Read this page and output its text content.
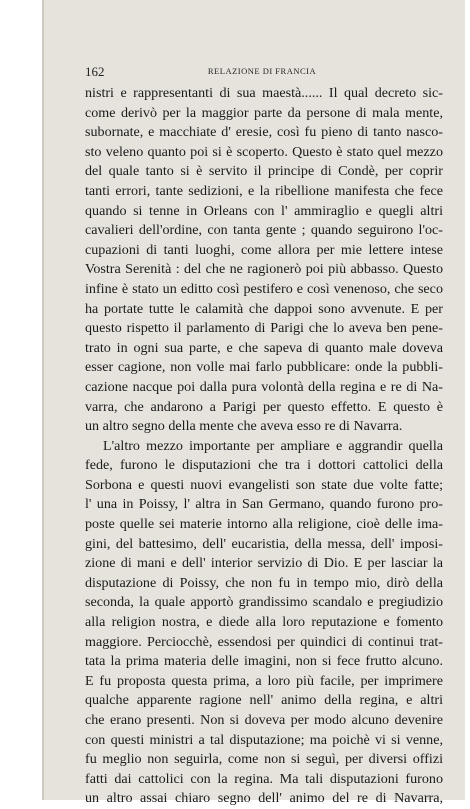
162	RELAZIONE DI FRANCIA
nistri e rappresentanti di sua maestà...... Il qual decreto sic-
come derivò per la maggior parte da persone di mala mente,
subornate, e macchiate d' eresie, così fu pieno di tanto nasco-
sto veleno quanto poi si è scoperto. Questo è stato quel mezzo
del quale tanto si è servito il principe di Condè, per coprir
tanti errori, tante sedizioni, e la ribellione manifesta che fece
quando si tenne in Orleans con l' ammiraglio e quegli altri
cavalieri dell'ordine, con tanta gente ; quando seguirono l'oc-
cupazioni di tanti luoghi, come allora per mie lettere intese
Vostra Serenità : del che ne ragionerò poi più abbasso. Questo
infine è stato un editto così pestifero e così venenoso, che seco
ha portate tutte le calamità che dappoi sono avvenute. E per
questo rispetto il parlamento di Parigi che lo aveva ben pene-
trato in ogni sua parte, e che sapeva di quanto male doveva
esser cagione, non volle mai farlo pubblicare: onde la pubbli-
cazione nacque poi dalla pura volontà della regina e re di Na-
varra, che andarono a Parigi per questo effetto. E questo è
un altro segno della mente che aveva esso re di Navarra.
L'altro mezzo importante per ampliare e aggrandir quella
fede, furono le disputazioni che tra i dottori cattolici della
Sorbona e questi nuovi evangelisti son state due volte fatte;
l' una in Poissy, l' altra in San Germano, quando furono pro-
poste quelle sei materie intorno alla religione, cioè delle ima-
gini, del battesimo, dell' eucaristia, della messa, dell' imposi-
zione di mani e dell' interior servizio di Dio. E per lasciar la
disputazione di Poissy, che non fu in tempo mio, dirò della
seconda, la quale apportò grandissimo scandalo e pregiudizio
alla religion nostra, e diede alla loro reputazione e fomento
maggiore. Perciocchè, essendosi per quindici di continui trat-
tata la prima materia delle imagini, non si fece frutto alcuno.
E fu proposta questa prima, a loro più facile, per imprimere
qualche apparente ragione nell' animo della regina, e altri
che erano presenti. Non si doveva per modo alcuno devenire
con questi ministri a tal disputazione; ma poichè vi si venne,
fu meglio non seguirla, come non si seguì, per diversi offizi
fatti dai cattolici con la regina. Ma tali disputazioni furono
un altro assai chiaro segno dell' animo del re di Navarra,
